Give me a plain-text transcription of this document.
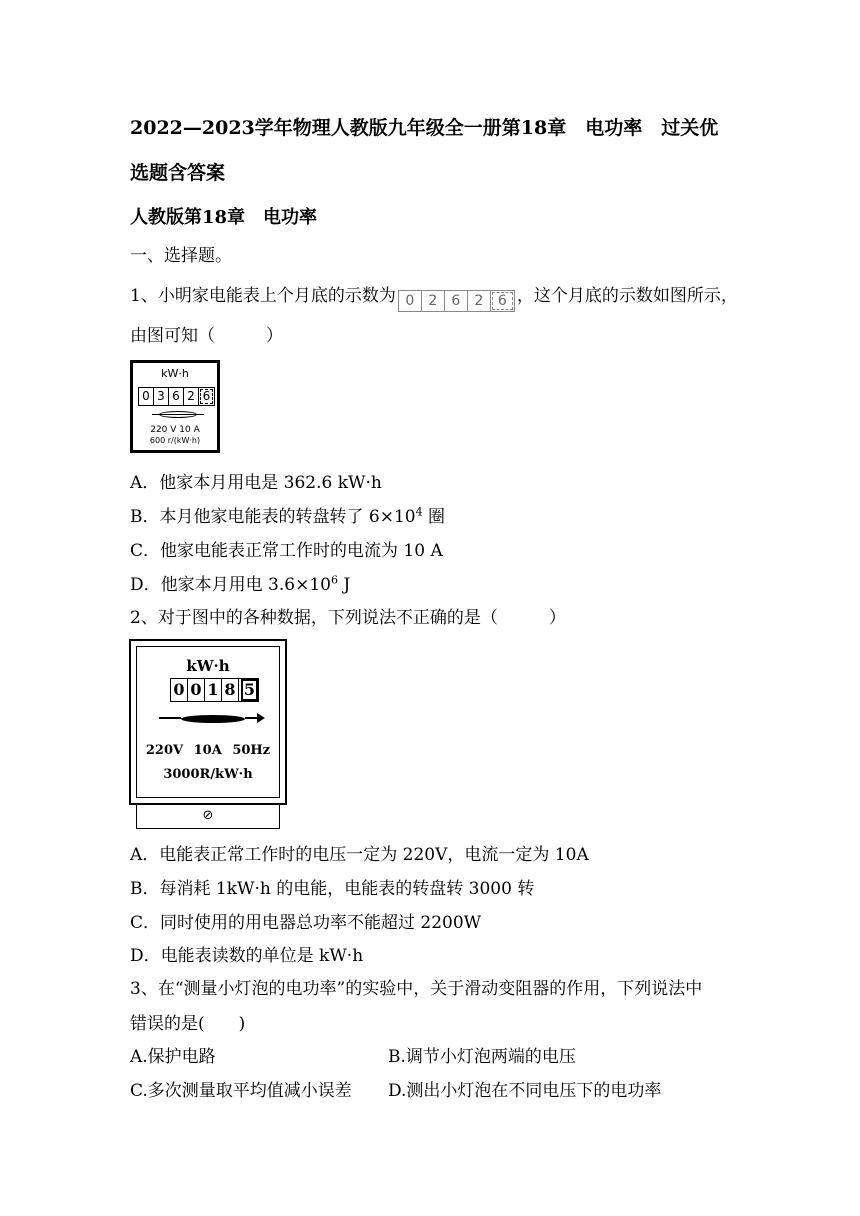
2022—2023学年物理人教版九年级全一册第18章　电功率　过关优
选题含答案
人教版第18章　电功率
一、选择题。
1、小明家电能表上个月底的示数为 0	2	6	2	6 ，这个月底的示数如图所示，
由图可知（　　　）
kW·h
0 3 6 2 6
220 V 10 A
600 r/(kW·h)
A．他家本月用电是 362.6 kW·h
B．本月他家电能表的转盘转了 $6\times 10^4$ 圈
C．他家电能表正常工作时的电流为 10 A
D．他家本月用电 $3.6\times 10^6$ J
2、对于图中的各种数据，下列说法不正确的是（　　　）
kW·h
0 0 1 8 5
220V 10A 50Hz
3000R/kW·h
⊘
A．电能表正常工作时的电压一定为 220V，电流一定为 10A
B．每消耗 1kW·h 的电能，电能表的转盘转 3000 转
C．同时使用的用电器总功率不能超过 2200W
D．电能表读数的单位是 kW·h
3、在“测量小灯泡的电功率”的实验中，关于滑动变阻器的作用，下列说法中
错误的是(　　)
A.保护电路	B.调节小灯泡两端的电压
C.多次测量取平均值减小误差 D.测出小灯泡在不同电压下的电功率
